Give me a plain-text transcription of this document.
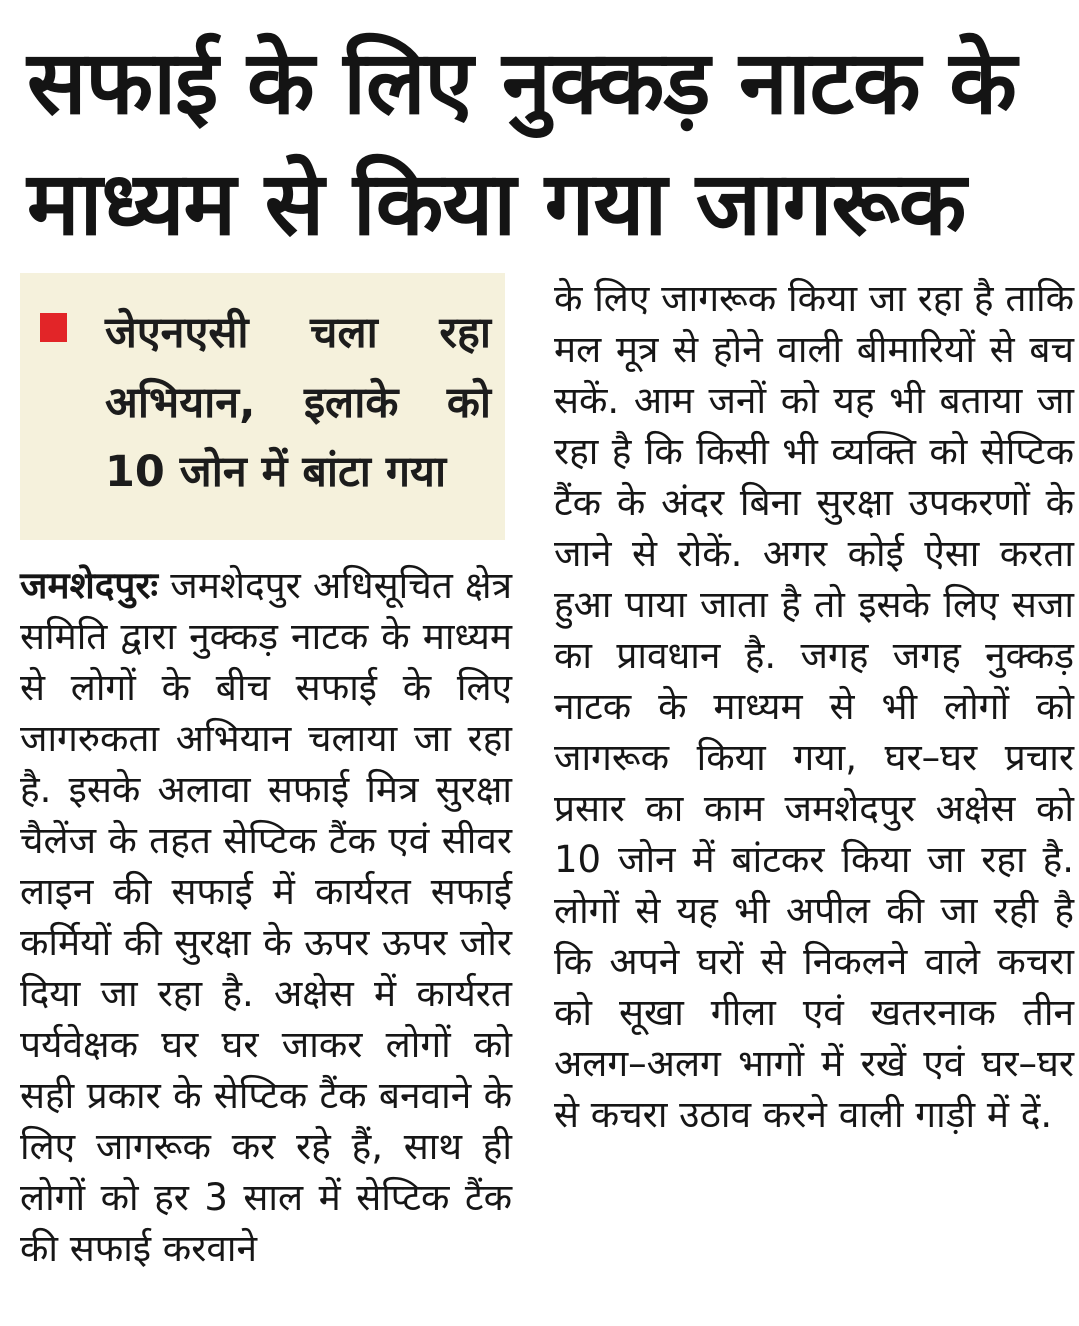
सफाई के लिए नुक्कड़ नाटक के
माध्यम से किया गया जागरूक

जेएनएसी चला रहा अभियान, इलाके को 10 जोन में बांटा गया

जमशेदपुरः जमशेदपुर अधिसूचित क्षेत्र समिति द्वारा नुक्कड़ नाटक के माध्यम से लोगों के बीच सफाई के लिए जागरुकता अभियान चलाया जा रहा है. इसके अलावा सफाई मित्र सुरक्षा चैलेंज के तहत सेप्टिक टैंक एवं सीवर लाइन की सफाई में कार्यरत सफाई कर्मियों की सुरक्षा के ऊपर ऊपर जोर दिया जा रहा है. अक्षेस में कार्यरत पर्यवेक्षक घर घर जाकर लोगों को सही प्रकार के सेप्टिक टैंक बनवाने के लिए जागरूक कर रहे हैं, साथ ही लोगों को हर 3 साल में सेप्टिक टैंक की सफाई करवाने

के लिए जागरूक किया जा रहा है ताकि मल मूत्र से होने वाली बीमारियों से बच सकें. आम जनों को यह भी बताया जा रहा है कि किसी भी व्यक्ति को सेप्टिक टैंक के अंदर बिना सुरक्षा उपकरणों के जाने से रोकें. अगर कोई ऐसा करता हुआ पाया जाता है तो इसके लिए सजा का प्रावधान है. जगह जगह नुक्कड़ नाटक के माध्यम से भी लोगों को जागरूक किया गया, घर–घर प्रचार प्रसार का काम जमशेदपुर अक्षेस को 10 जोन में बांटकर किया जा रहा है. लोगों से यह भी अपील की जा रही है कि अपने घरों से निकलने वाले कचरा को सूखा गीला एवं खतरनाक तीन अलग–अलग भागों में रखें एवं घर–घर से कचरा उठाव करने वाली गाड़ी में दें.
